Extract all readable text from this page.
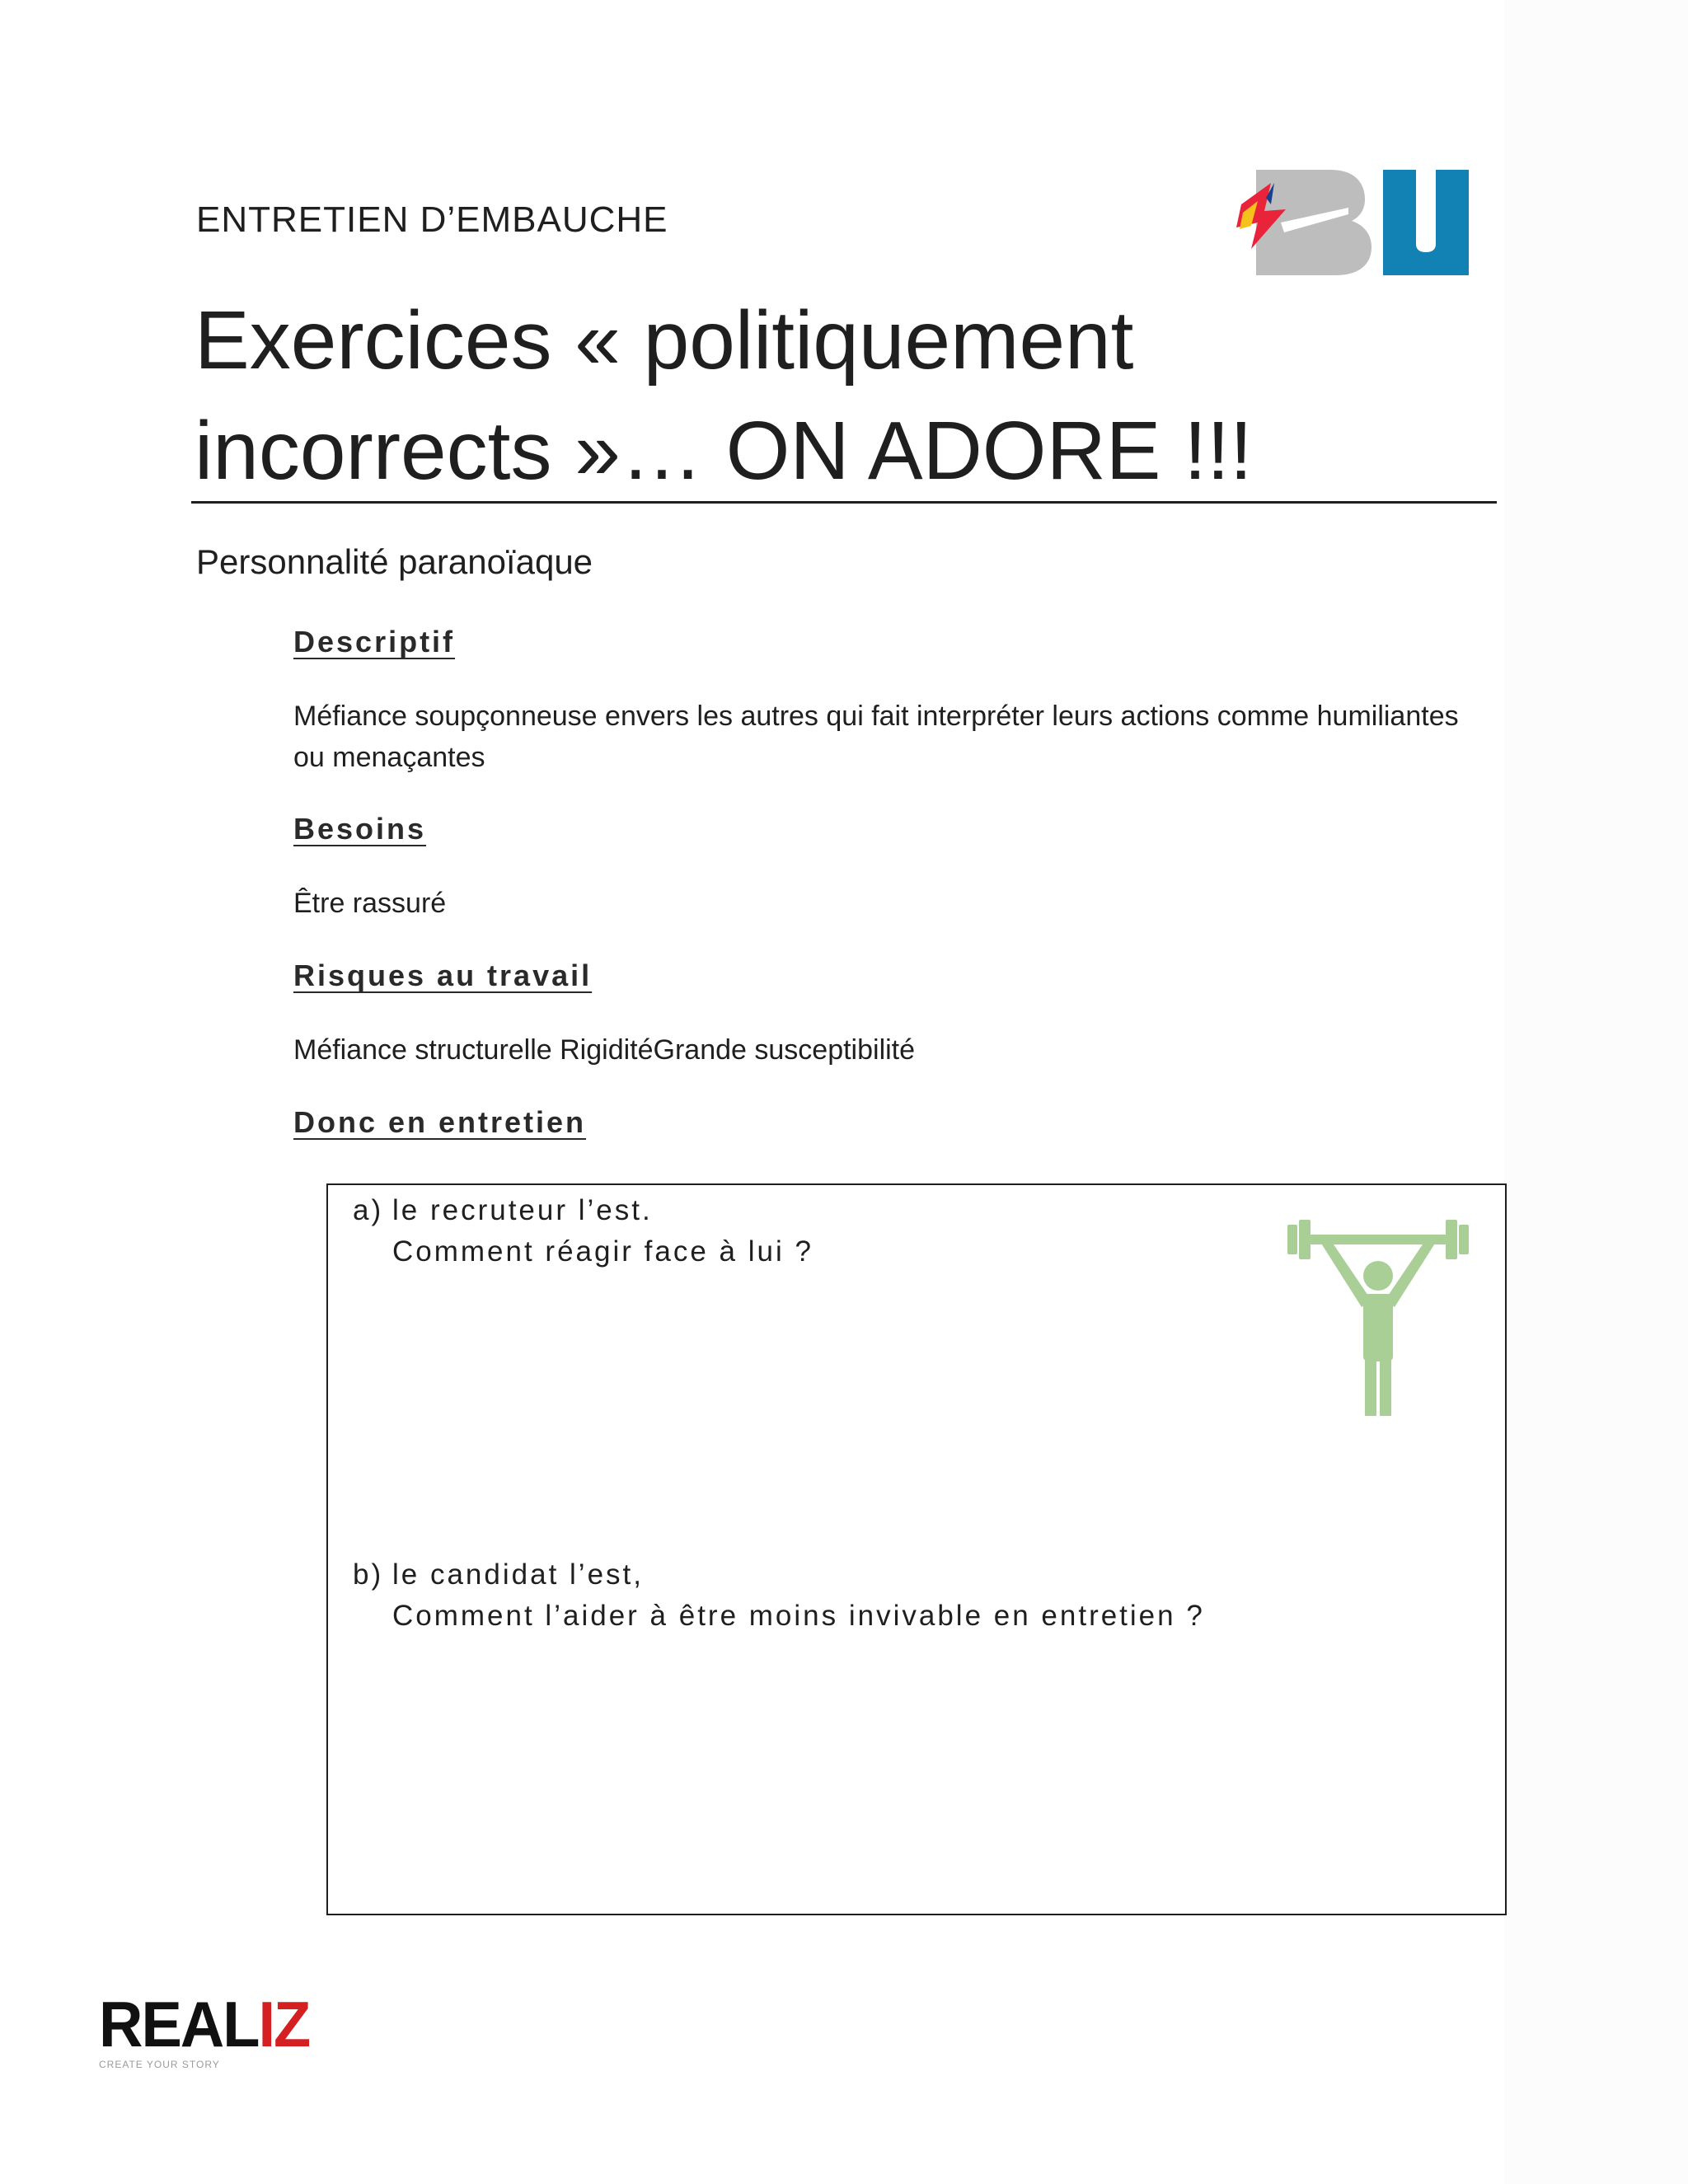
ENTRETIEN D’EMBAUCHE
Exercices « politiquement
incorrects »… ON ADORE !!!
Personnalité paranoïaque
Descriptif
Méfiance soupçonneuse envers les autres qui fait interpréter leurs actions comme humiliantes ou menaçantes
Besoins
Être rassuré
Risques au travail
Méfiance structurelle RigiditéGrande susceptibilité
Donc en entretien
a) le recruteur l’est.
Comment réagir face à lui ?
b) le candidat l’est,
Comment l’aider à être moins invivable en entretien ?
REALIZ
CREATE YOUR STORY
